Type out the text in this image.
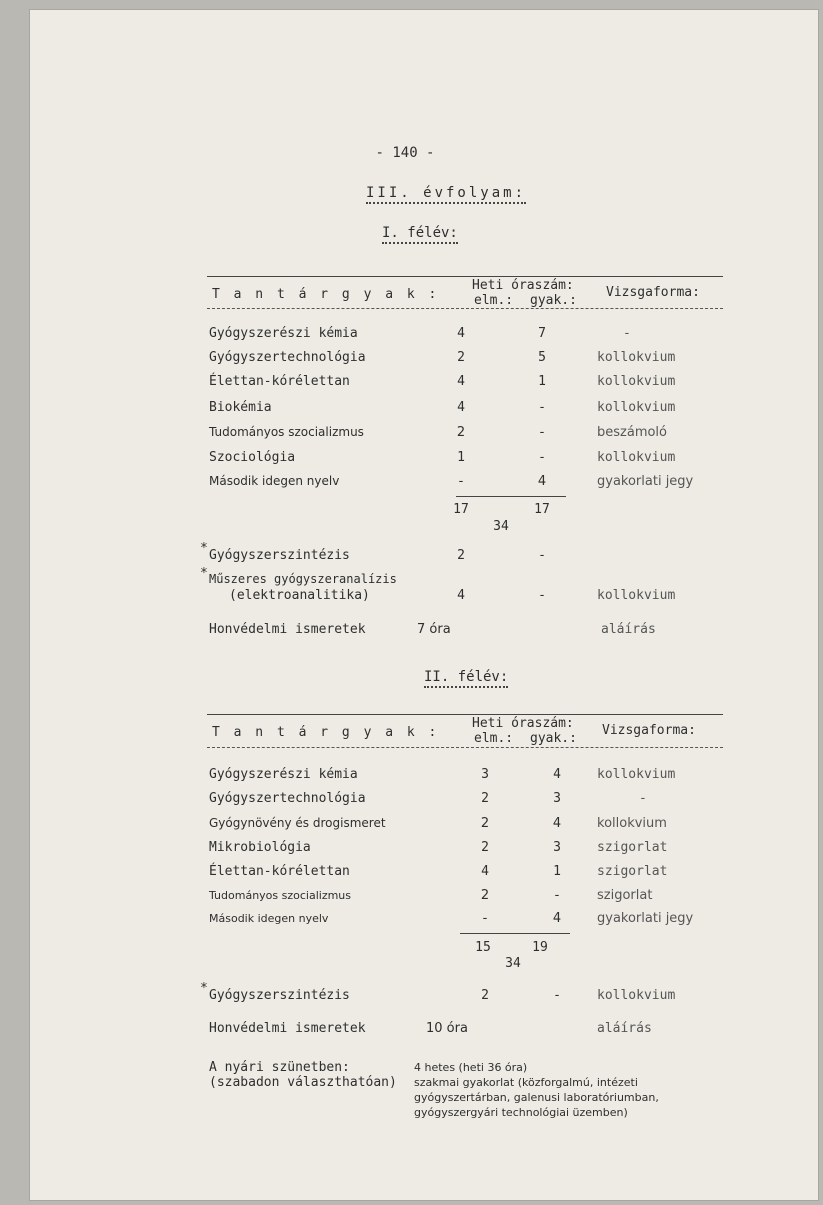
- 140 -
III. évfolyam:
I. félév:
T a n t á r g y a k :
Heti óraszám:
elm.: gyak.:
Vizsgaforma:
Gyógyszerészi kémia	4	7	-
Gyógyszertechnológia	2	5	kollokvium
Élettan-kórélettan	4	1	kollokvium
Biokémia	4	-	kollokvium
Tudományos szocializmus	2	-	beszámoló
Szociológia	1	-	kollokvium
Második idegen nyelv	-	4	gyakorlati jegy
17	17
34
* Gyógyszerszintézis	2	-
* Műszeres gyógyszeranalízis
(elektroanalitika)	4	-	kollokvium
Honvédelmi ismeretek	7 óra	aláírás
II. félév:
T a n t á r g y a k :
Heti óraszám:
elm.: gyak.:
Vizsgaforma:
Gyógyszerészi kémia	3	4	kollokvium
Gyógyszertechnológia	2	3	-
Gyógynövény és drogismeret	2	4	kollokvium
Mikrobiológia	2	3	szigorlat
Élettan-kórélettan	4	1	szigorlat
Tudományos szocializmus	2	-	szigorlat
Második idegen nyelv	-	4	gyakorlati jegy
15	19
34
* Gyógyszerszintézis	2	-	kollokvium
Honvédelmi ismeretek	10 óra	aláírás
A nyári szünetben:
(szabadon választhatóan)
4 hetes (heti 36 óra)
szakmai gyakorlat (közforgalmú, intézeti
gyógyszertárban, galenusi laboratóriumban,
gyógyszergyári technológiai üzemben)
